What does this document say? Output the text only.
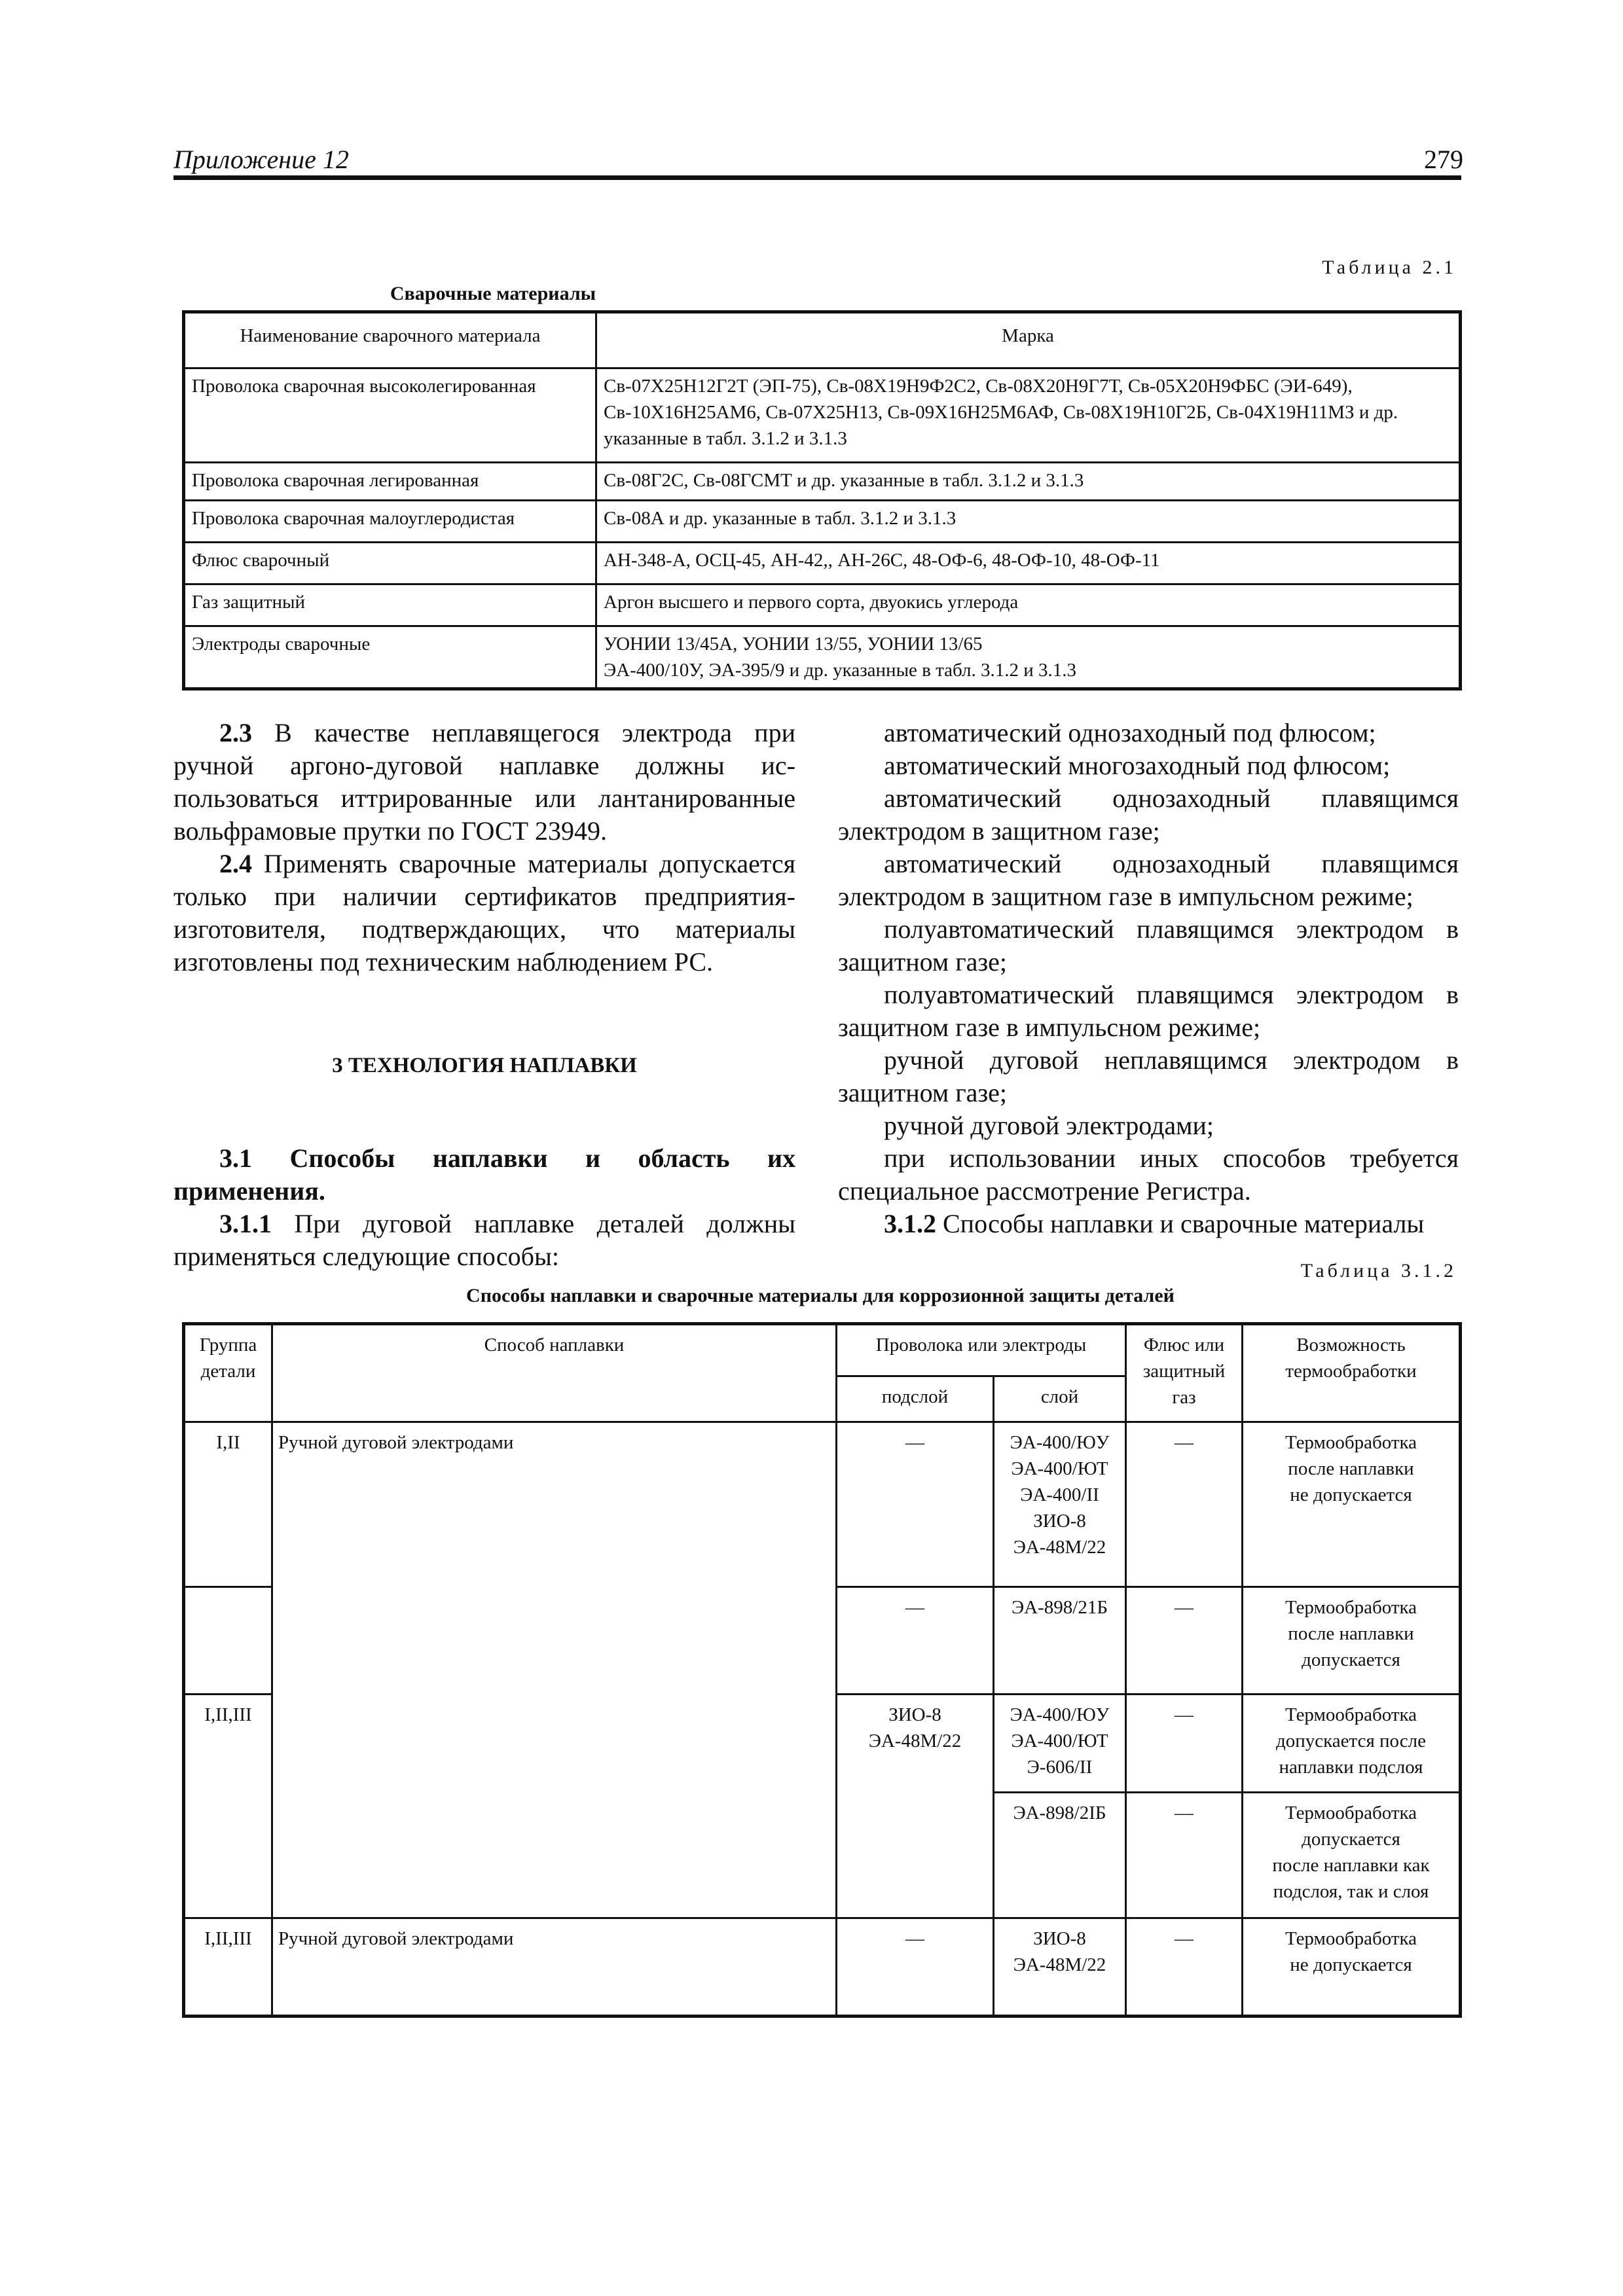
Приложение 12	279
Таблица 2.1
Сварочные материалы
Наименование сварочного материала	Марка
Проволока сварочная высоколегированная	Св-07Х25Н12Г2Т (ЭП-75), Св-08Х19Н9Ф2С2, Св-08Х20Н9Г7Т, Св-05Х20Н9ФБС (ЭИ-649), Св-10Х16Н25АМ6, Св-07Х25Н13, Св-09Х16Н25М6АФ, Св-08Х19Н10Г2Б, Св-04Х19Н11МЗ и др. указанные в табл. 3.1.2 и 3.1.3
Проволока сварочная легированная	Св-08Г2С, Св-08ГСМТ и др. указанные в табл. 3.1.2 и 3.1.3
Проволока сварочная малоуглеродистая	Св-08А и др. указанные в табл. 3.1.2 и 3.1.3
Флюс сварочный	АН-348-А, ОСЦ-45, АН-42,, АН-26С, 48-ОФ-6, 48-ОФ-10, 48-ОФ-11
Газ защитный	Аргон высшего и первого сорта, двуокись углерода
Электроды сварочные	УОНИИ 13/45А, УОНИИ 13/55, УОНИИ 13/65
ЭА-400/10У, ЭА-395/9 и др. указанные в табл. 3.1.2 и 3.1.3

2.3 В качестве неплавящегося электрода при ручной аргоно-дуговой наплавке должны ис-пользоваться иттрированные или лантанированные вольфрамовые прутки по ГОСТ 23949.

2.4 Применять сварочные материалы допускается только при наличии сертификатов предприятия-изготовителя, подтверждающих, что материалы изготовлены под техническим наблюдением РС.

3 ТЕХНОЛОГИЯ НАПЛАВКИ

3.1 Способы наплавки и область их применения.

3.1.1 При дуговой наплавке деталей должны применяться следующие способы:

автоматический однозаходный под флюсом;

автоматический многозаходный под флюсом;

автоматический однозаходный плавящимся электродом в защитном газе;

автоматический однозаходный плавящимся электродом в защитном газе в импульсном режиме;

полуавтоматический плавящимся электродом в защитном газе;

полуавтоматический плавящимся электродом в защитном газе в импульсном режиме;

ручной дуговой неплавящимся электродом в защитном газе;

ручной дуговой электродами;

при использовании иных способов требуется специальное рассмотрение Регистра.

3.1.2 Способы наплавки и сварочные материалы

Таблица 3.1.2
Способы наплавки и сварочные материалы для коррозионной защиты деталей
Группа детали	Способ наплавки	Проволока или электроды		Флюс или защитный газ	Возможность термообработки
		подслой	слой		
I,II	Ручной дуговой электродами	—	ЭА-400/ЮУ
ЭА-400/ЮТ
ЭА-400/II
ЗИО-8
ЭА-48М/22	—	Термообработка
после наплавки
не допускается
		—	ЭА-898/21Б	—	Термообработка
после наплавки
допускается
I,II,III		ЗИО-8
ЭА-48М/22	ЭА-400/ЮУ
ЭА-400/ЮТ
Э-606/II	—	Термообработка
допускается после
наплавки подслоя
			ЭА-898/2IБ	—	Термообработка
допускается
после наплавки как
подслоя, так и слоя
I,II,III	Ручной дуговой электродами	—	ЗИО-8
ЭА-48М/22	—	Термообработка
не допускается
